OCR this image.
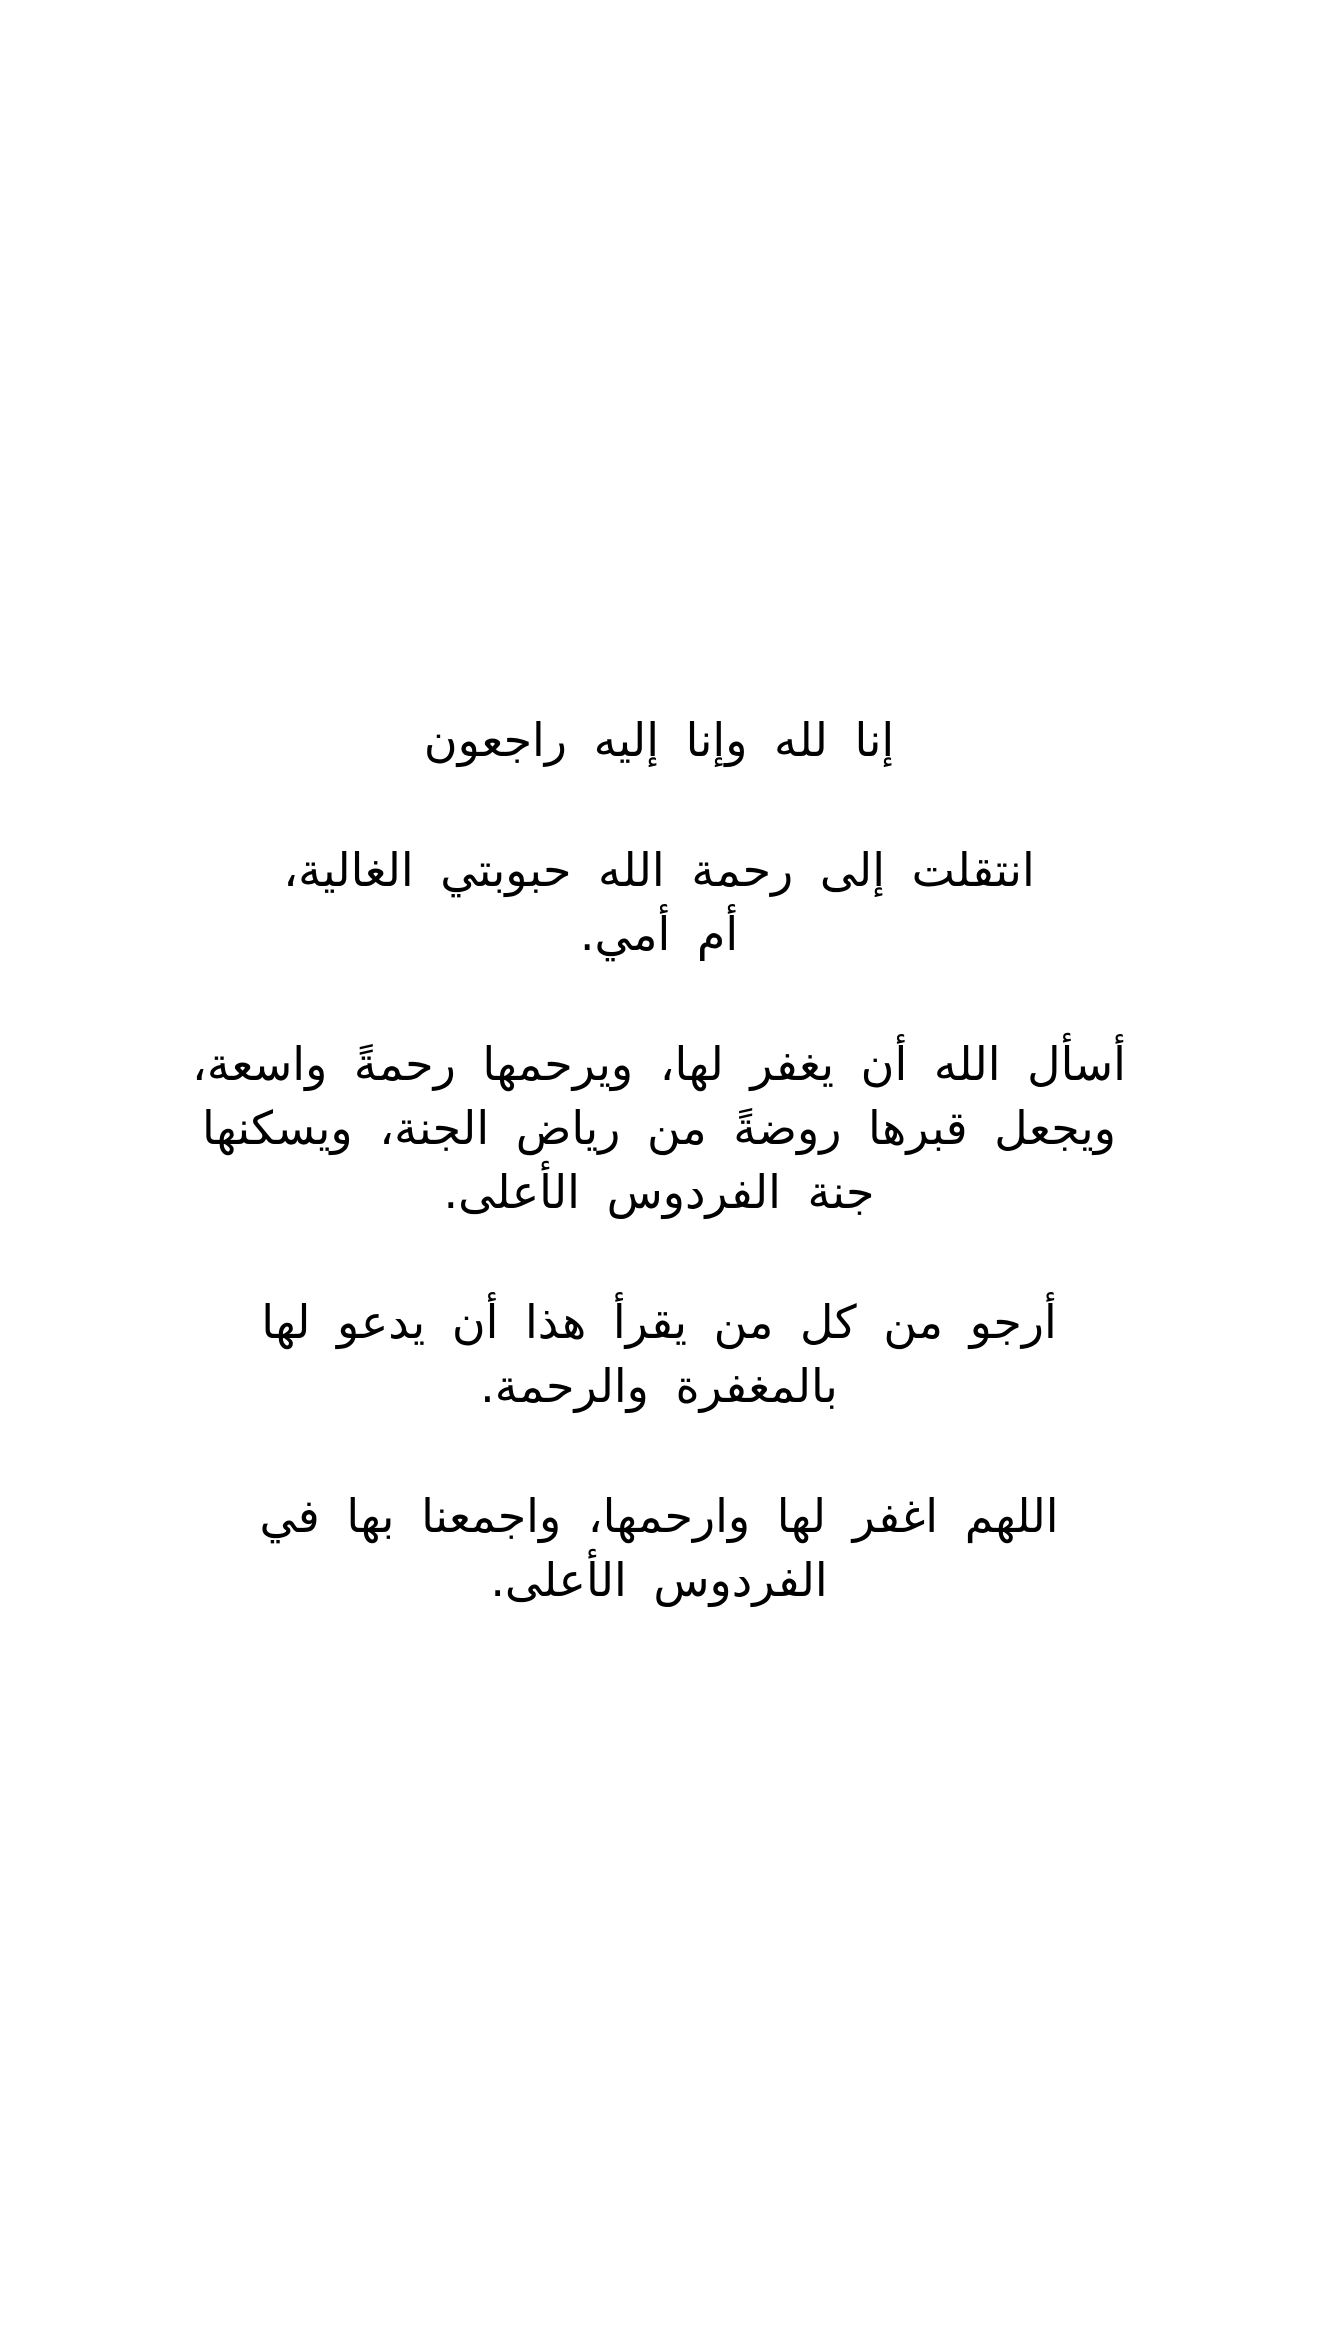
إنا لله وإنا إليه راجعون

انتقلت إلى رحمة الله حبوبتي الغالية،
أم أمي.

أسأل الله أن يغفر لها، ويرحمها رحمةً واسعة،
ويجعل قبرها روضةً من رياض الجنة، ويسكنها
جنة الفردوس الأعلى.

أرجو من كل من يقرأ هذا أن يدعو لها
بالمغفرة والرحمة.

اللهم اغفر لها وارحمها، واجمعنا بها في
الفردوس الأعلى.
